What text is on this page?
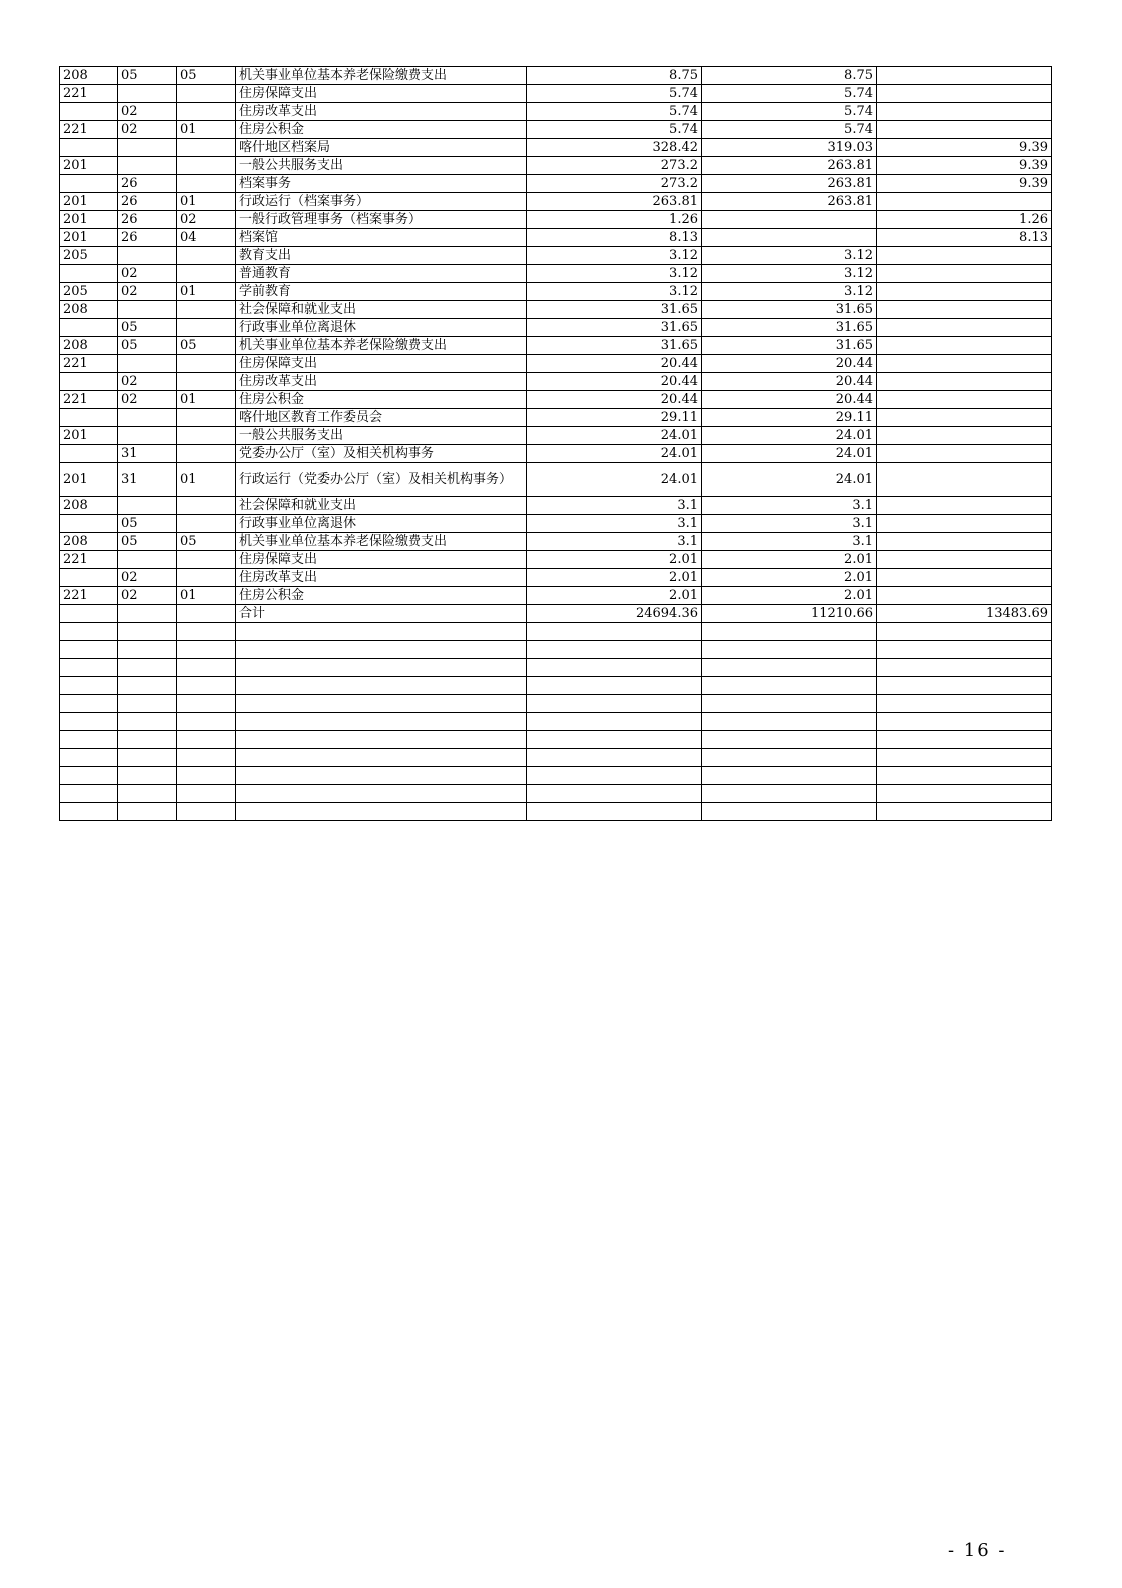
208	05	05	机关事业单位基本养老保险缴费支出	8.75	8.75	
221			住房保障支出	5.74	5.74	
	02		住房改革支出	5.74	5.74	
221	02	01	住房公积金	5.74	5.74	
			喀什地区档案局	328.42	319.03	9.39
201			一般公共服务支出	273.2	263.81	9.39
	26		档案事务	273.2	263.81	9.39
201	26	01	行政运行（档案事务）	263.81	263.81	
201	26	02	一般行政管理事务（档案事务）	1.26		1.26
201	26	04	档案馆	8.13		8.13
205			教育支出	3.12	3.12	
	02		普通教育	3.12	3.12	
205	02	01	学前教育	3.12	3.12	
208			社会保障和就业支出	31.65	31.65	
	05		行政事业单位离退休	31.65	31.65	
208	05	05	机关事业单位基本养老保险缴费支出	31.65	31.65	
221			住房保障支出	20.44	20.44	
	02		住房改革支出	20.44	20.44	
221	02	01	住房公积金	20.44	20.44	
			喀什地区教育工作委员会	29.11	29.11	
201			一般公共服务支出	24.01	24.01	
	31		党委办公厅（室）及相关机构事务	24.01	24.01	
201	31	01	行政运行（党委办公厅（室）及相关机构事务）	24.01	24.01	
208			社会保障和就业支出	3.1	3.1	
	05		行政事业单位离退休	3.1	3.1	
208	05	05	机关事业单位基本养老保险缴费支出	3.1	3.1	
221			住房保障支出	2.01	2.01	
	02		住房改革支出	2.01	2.01	
221	02	01	住房公积金	2.01	2.01	
			合计	24694.36	11210.66	13483.69

- 16 -
